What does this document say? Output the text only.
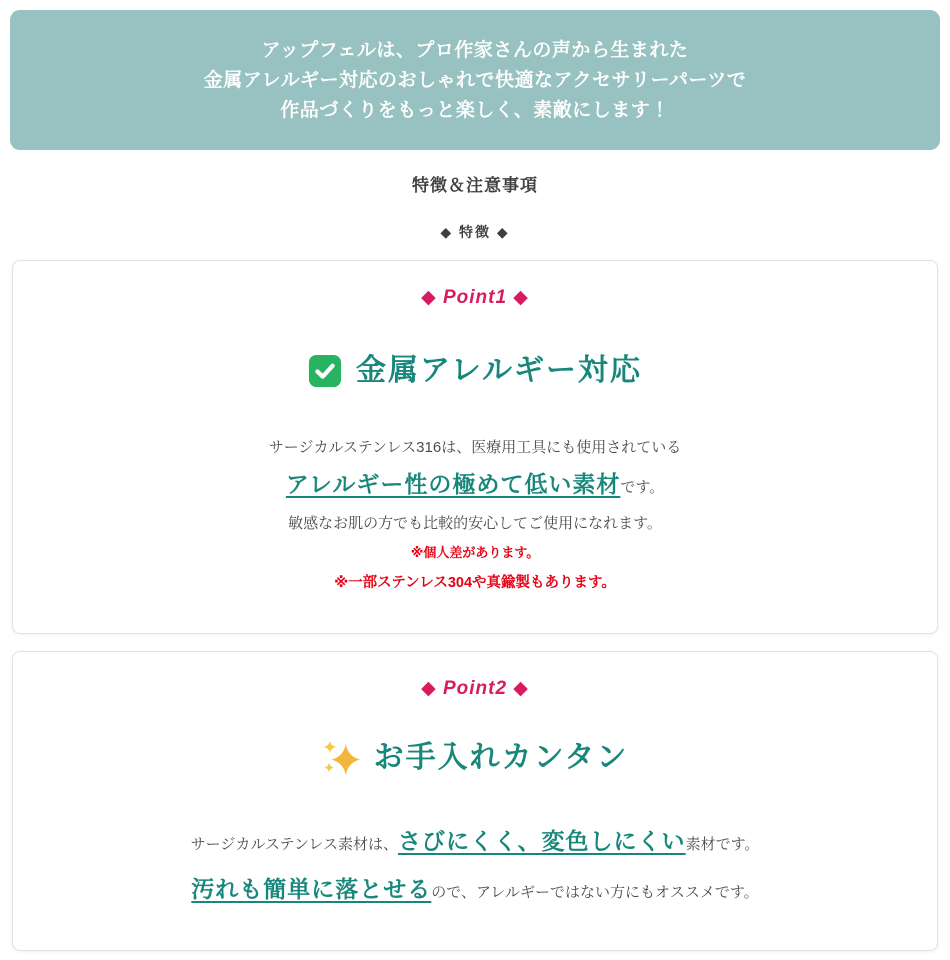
アップフェルは、プロ作家さんの声から生まれた

金属アレルギー対応のおしゃれで快適なアクセサリーパーツで

作品づくりをもっと楽しく、素敵にします！

特徴＆注意事項
◆ 特徴 ◆

◆ Point1 ◆

金属アレルギー対応

サージカルステンレス316は、医療用工具にも使用されている

アレルギー性の極めて低い素材です。

敏感なお肌の方でも比較的安心してご使用になれます。

※個人差があります。

※一部ステンレス304や真鍮製もあります。

◆ Point2 ◆

お手入れカンタン

サージカルステンレス素材は、さびにくく、変色しにくい素材です。

汚れも簡単に落とせるので、アレルギーではない方にもオススメです。
